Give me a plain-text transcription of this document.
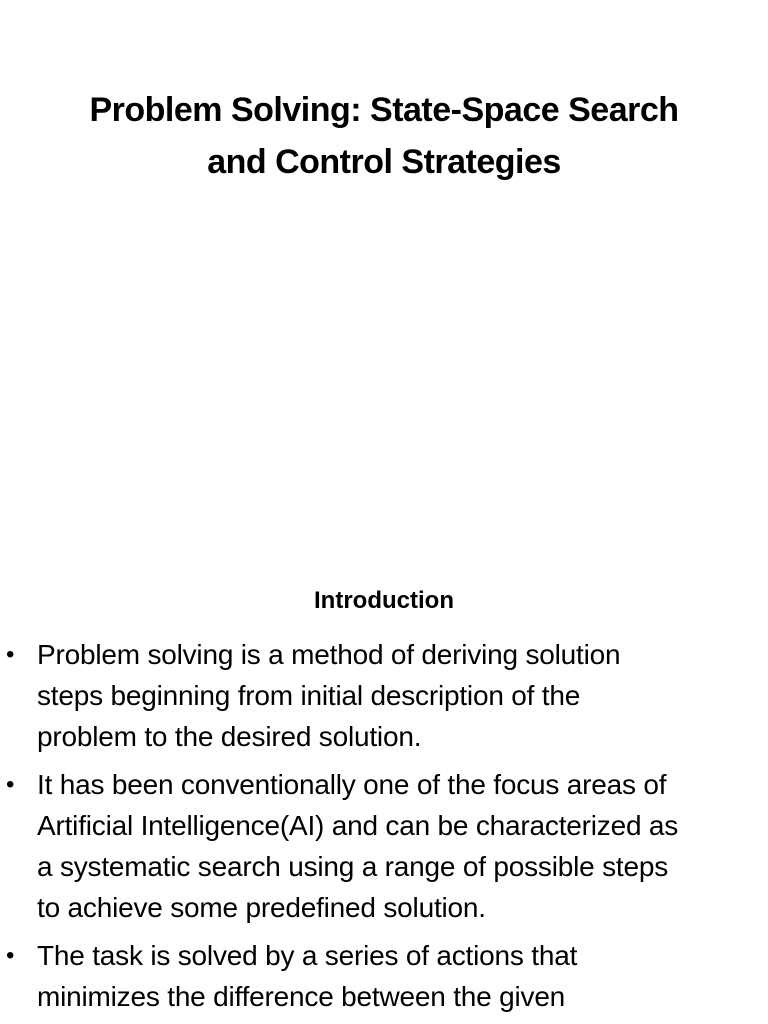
Problem Solving: State-Space Search
and Control Strategies
Introduction
• Problem solving is a method of deriving solution
steps beginning from initial description of the
problem to the desired solution.
• It has been conventionally one of the focus areas of
Artificial Intelligence(AI) and can be characterized as
a systematic search using a range of possible steps
to achieve some predefined solution.
• The task is solved by a series of actions that
minimizes the difference between the given
